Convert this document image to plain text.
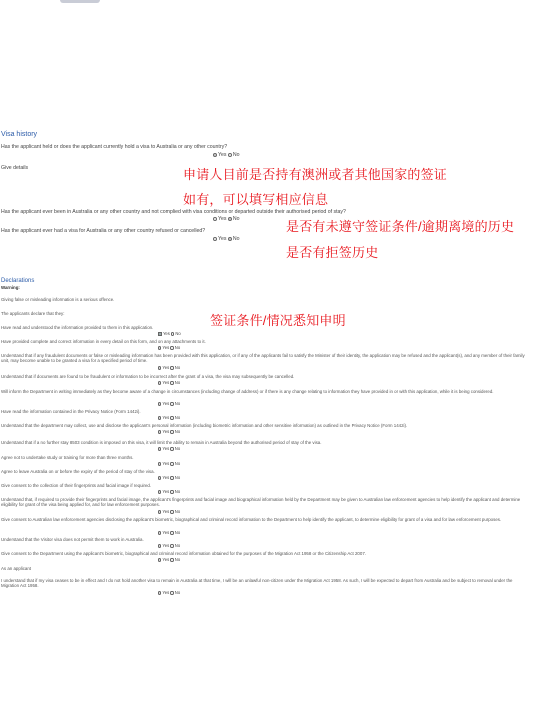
Visa history
Has the applicant held or does the applicant currently hold a visa to Australia or any other country?
Yes No
Give details	申请人目前是否持有澳洲或者其他国家的签证
如有，可以填写相应信息
Has the applicant ever been in Australia or any other country and not complied with visa conditions or departed outside their authorised period of stay?
Yes No	是否有未遵守签证条件/逾期离境的历史
Has the applicant ever had a visa for Australia or any other country refused or cancelled?
Yes No
是否有拒签历史
Declarations
Warning:
Giving false or misleading information is a serious offence.
The applicants declare that they:	签证条件/情况悉知申明
Have read and understood the information provided to them in this application.
Yes No
Have provided complete and correct information in every detail on this form, and on any attachments to it.
Yes No
Understand that if any fraudulent documents or false or misleading information has been provided with this application, or if any of the applicants fail to satisfy the Minister of their identity, the application may be refused and the applicant(s), and any member of their family unit, may become unable to be granted a visa for a specified period of time.
Yes No
Understand that if documents are found to be fraudulent or information to be incorrect after the grant of a visa, the visa may subsequently be cancelled.
Yes No
Will inform the Department in writing immediately as they become aware of a change in circumstances (including change of address) or if there is any change relating to information they have provided in or with this application, while it is being considered.
Yes No
Have read the information contained in the Privacy Notice (Form 1442i).
Yes No
Understand that the department may collect, use and disclose the applicant's personal information (including biometric information and other sensitive information) as outlined in the Privacy Notice (Form 1442i).
Yes No
Understand that if a no further stay 8503 condition is imposed on this visa, it will limit the ability to remain in Australia beyond the authorised period of stay of the visa.
Yes No
Agree not to undertake study or training for more than three months.
Yes No
Agree to leave Australia on or before the expiry of the period of stay of the visa.
Yes No
Give consent to the collection of their fingerprints and facial image if required.
Yes No
Understand that, if required to provide their fingerprints and facial image, the applicant's fingerprints and facial image and biographical information held by the Department may be given to Australian law enforcement agencies to help identify the applicant and determine eligibility for grant of the visa being applied for, and for law enforcement purposes.
Yes No
Give consent to Australian law enforcement agencies disclosing the applicant's biometric, biographical and criminal record information to the Department to help identify the applicant, to determine eligibility for grant of a visa and for law enforcement purposes.
Yes No
Understand that the Visitor visa does not permit them to work in Australia.
Yes No
Give consent to the Department using the applicant's biometric, biographical and criminal record information obtained for the purposes of the Migration Act 1958 or the Citizenship Act 2007.
Yes No
As an applicant
I understand that if my visa ceases to be in effect and I do not hold another visa to remain in Australia at that time, I will be an unlawful non-citizen under the Migration Act 1958. As such, I will be expected to depart from Australia and be subject to removal under the Migration Act 1958.
Yes No
